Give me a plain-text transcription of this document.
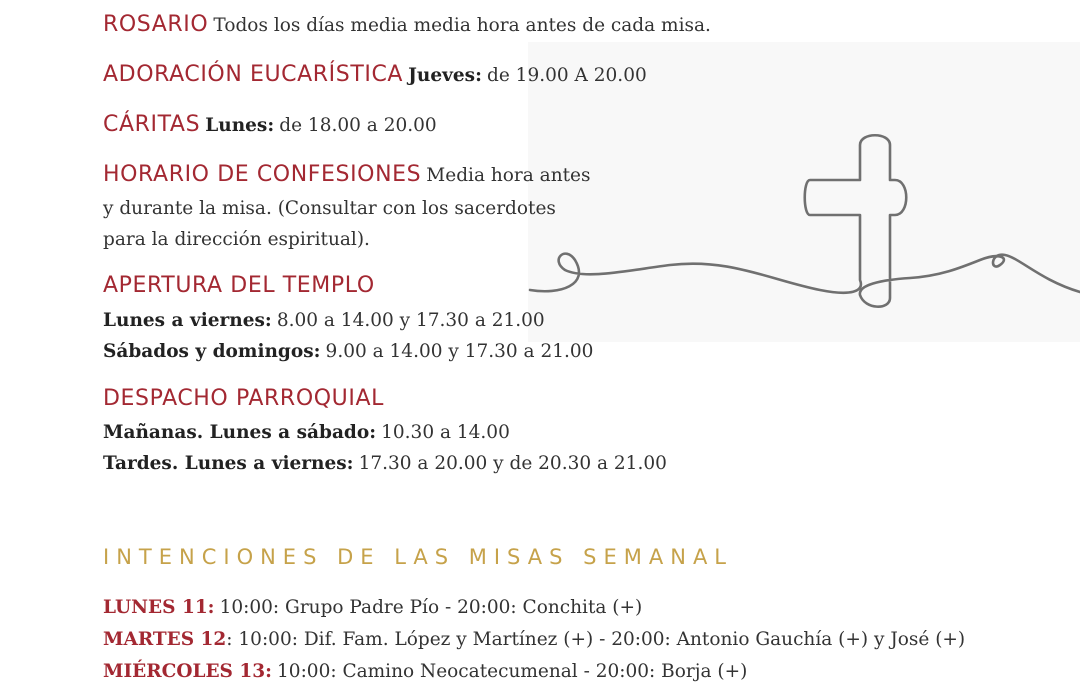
ROSARIO Todos los días media media hora antes de cada misa.
ADORACIÓN EUCARÍSTICA Jueves: de 19.00 A 20.00
CÁRITAS Lunes: de 18.00 a 20.00
HORARIO DE CONFESIONES Media hora antes
y durante la misa. (Consultar con los sacerdotes
para la dirección espiritual).
APERTURA DEL TEMPLO
Lunes a viernes: 8.00 a 14.00 y 17.30 a 21.00
Sábados y domingos: 9.00 a 14.00 y 17.30 a 21.00
DESPACHO PARROQUIAL
Mañanas. Lunes a sábado: 10.30 a 14.00
Tardes. Lunes a viernes: 17.30 a 20.00 y de 20.30 a 21.00
INTENCIONES DE LAS MISAS SEMANAL
LUNES 11: 10:00: Grupo Padre Pío - 20:00: Conchita (+)
MARTES 12: 10:00: Dif. Fam. López y Martínez (+) - 20:00: Antonio Gauchía (+) y José (+)
MIÉRCOLES 13: 10:00: Camino Neocatecumenal - 20:00: Borja (+)
